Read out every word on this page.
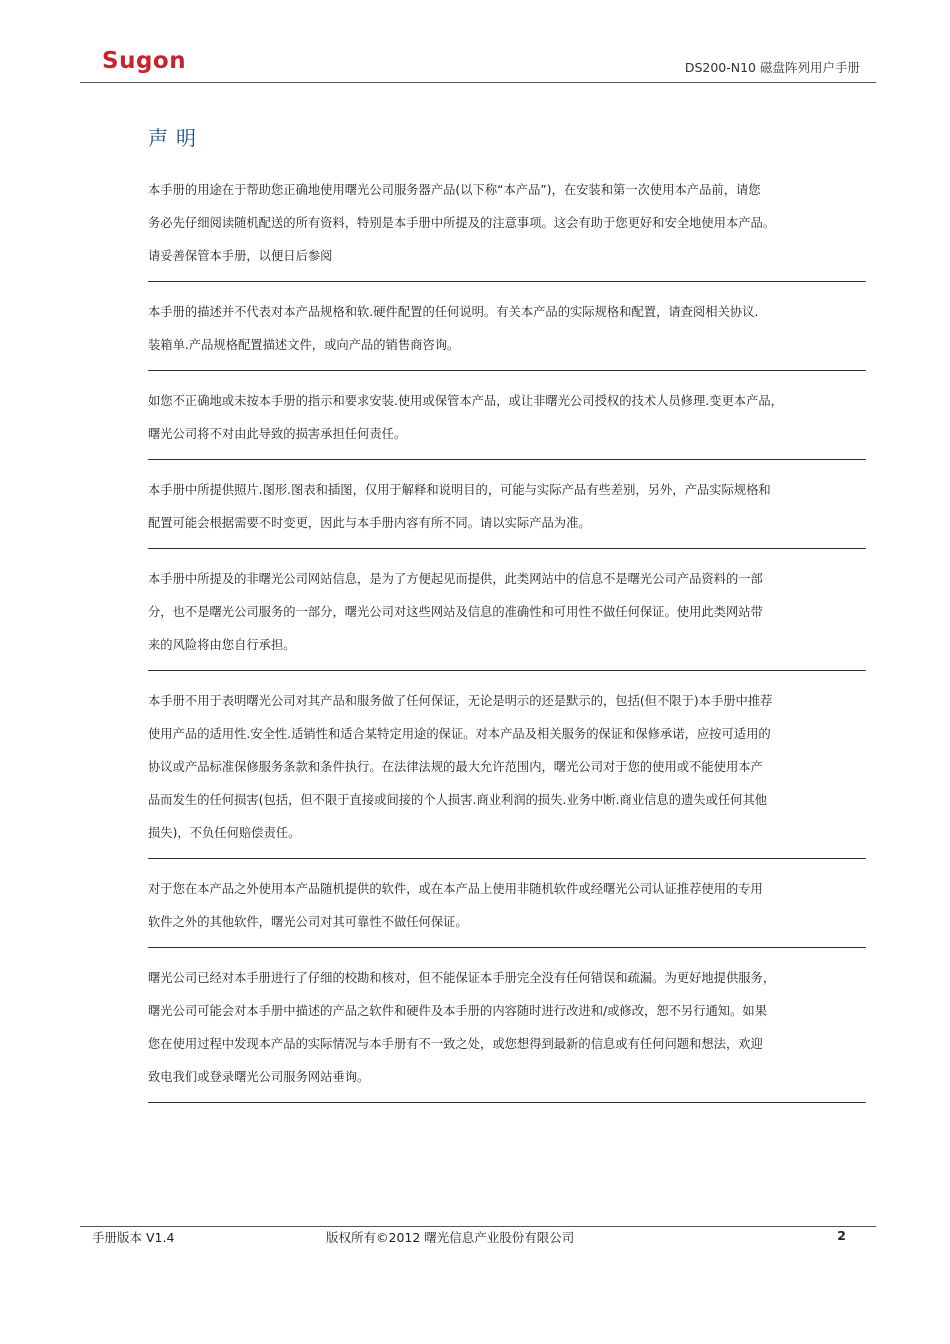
Sugon	DS200-N10 磁盘阵列用户手册
声明

本手册的用途在于帮助您正确地使用曙光公司服务器产品(以下称“本产品”)，在安装和第一次使用本产品前，请您

务必先仔细阅读随机配送的所有资料，特别是本手册中所提及的注意事项。这会有助于您更好和安全地使用本产品。

请妥善保管本手册，以便日后参阅

本手册的描述并不代表对本产品规格和软.硬件配置的任何说明。有关本产品的实际规格和配置，请查阅相关协议.

装箱单.产品规格配置描述文件，或向产品的销售商咨询。

如您不正确地或未按本手册的指示和要求安装.使用或保管本产品，或让非曙光公司授权的技术人员修理.变更本产品，

曙光公司将不对由此导致的损害承担任何责任。

本手册中所提供照片.图形.图表和插图，仅用于解释和说明目的，可能与实际产品有些差别，另外，产品实际规格和

配置可能会根据需要不时变更，因此与本手册内容有所不同。请以实际产品为准。

本手册中所提及的非曙光公司网站信息，是为了方便起见而提供，此类网站中的信息不是曙光公司产品资料的一部

分，也不是曙光公司服务的一部分，曙光公司对这些网站及信息的准确性和可用性不做任何保证。使用此类网站带

来的风险将由您自行承担。

本手册不用于表明曙光公司对其产品和服务做了任何保证，无论是明示的还是默示的，包括(但不限于)本手册中推荐

使用产品的适用性.安全性.适销性和适合某特定用途的保证。对本产品及相关服务的保证和保修承诺，应按可适用的

协议或产品标准保修服务条款和条件执行。在法律法规的最大允许范围内，曙光公司对于您的使用或不能使用本产

品而发生的任何损害(包括，但不限于直接或间接的个人损害.商业利润的损失.业务中断.商业信息的遗失或任何其他

损失)，不负任何赔偿责任。

对于您在本产品之外使用本产品随机提供的软件，或在本产品上使用非随机软件或经曙光公司认证推荐使用的专用

软件之外的其他软件，曙光公司对其可靠性不做任何保证。

曙光公司已经对本手册进行了仔细的校勘和核对，但不能保证本手册完全没有任何错误和疏漏。为更好地提供服务，

曙光公司可能会对本手册中描述的产品之软件和硬件及本手册的内容随时进行改进和/或修改，恕不另行通知。如果

您在使用过程中发现本产品的实际情况与本手册有不一致之处，或您想得到最新的信息或有任何问题和想法，欢迎

致电我们或登录曙光公司服务网站垂询。

手册版本 V1.4	版权所有©2012 曙光信息产业股份有限公司	2
